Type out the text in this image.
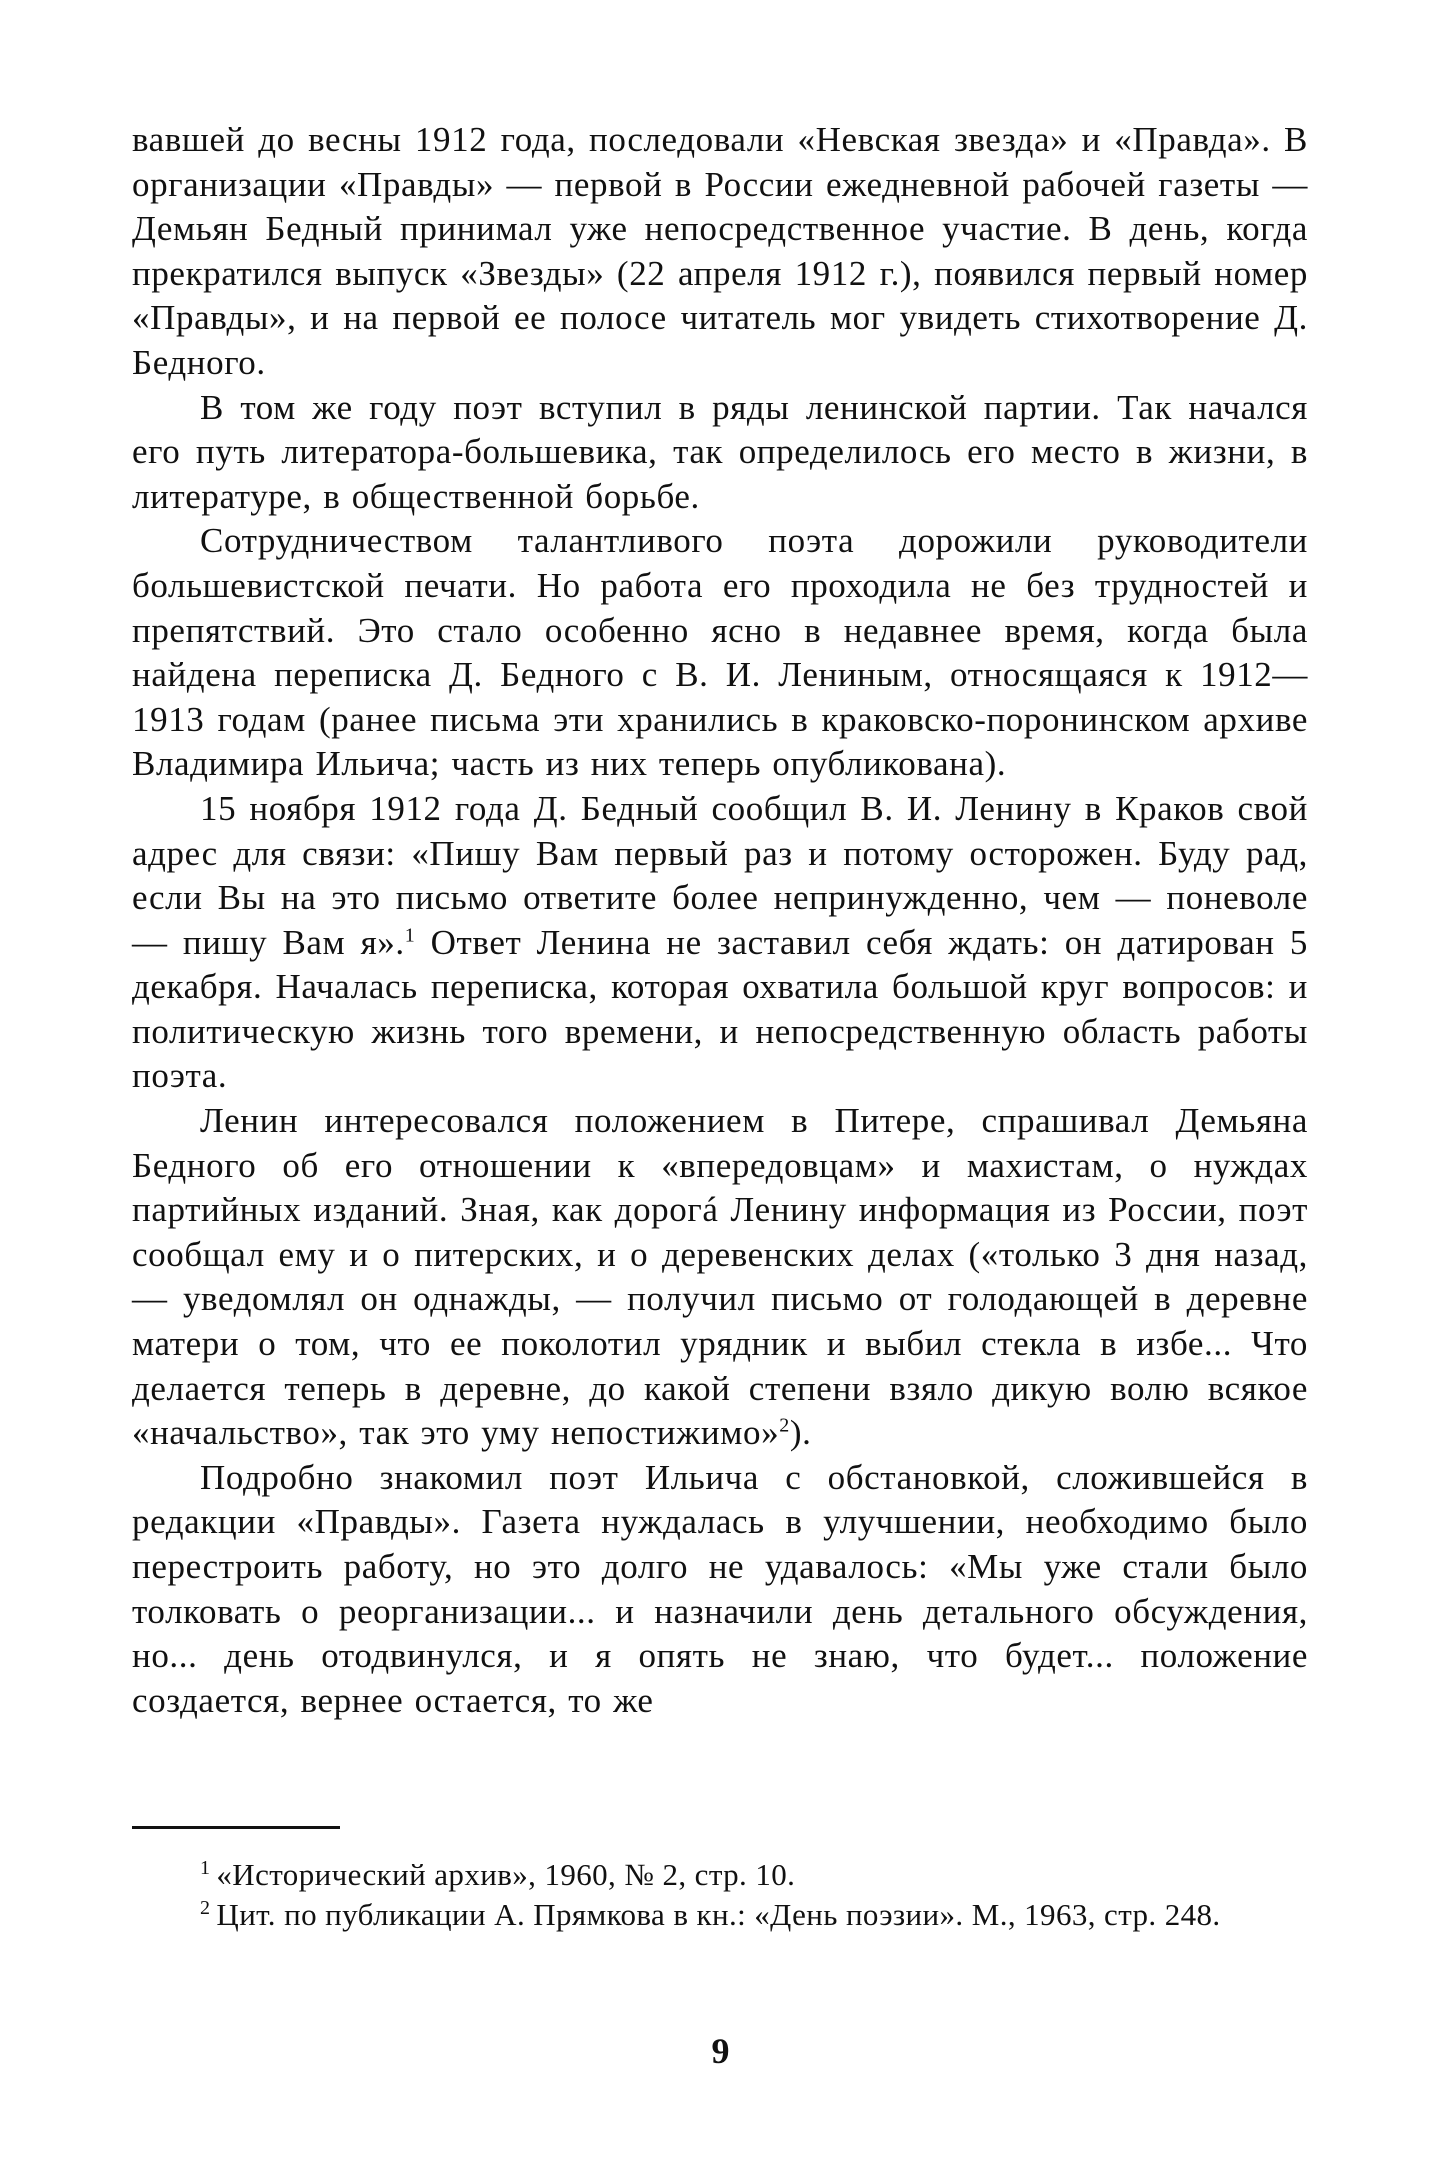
вавшей до весны 1912 года, последовали «Невская звезда» и «Правда». В организации «Правды» — первой в России ежедневной рабочей газеты — Демьян Бедный принимал уже непосредственное участие. В день, когда прекратился выпуск «Звезды» (22 апреля 1912 г.), появился первый номер «Правды», и на первой ее полосе читатель мог увидеть стихотворение Д. Бедного.

В том же году поэт вступил в ряды ленинской партии. Так начался его путь литератора-большевика, так определилось его место в жизни, в литературе, в общественной борьбе.

Сотрудничеством талантливого поэта дорожили руководители большевистской печати. Но работа его проходила не без трудностей и препятствий. Это стало особенно ясно в недавнее время, когда была найдена переписка Д. Бедного с В. И. Лениным, относящаяся к 1912—1913 годам (ранее письма эти хранились в краковско-поронинском архиве Владимира Ильича; часть из них теперь опубликована).

15 ноября 1912 года Д. Бедный сообщил В. И. Ленину в Краков свой адрес для связи: «Пишу Вам первый раз и потому осторожен. Буду рад, если Вы на это письмо ответите более непринужденно, чем — поневоле — пишу Вам я».$^1$ Ответ Ленина не заставил себя ждать: он датирован 5 декабря. Началась переписка, которая охватила большой круг вопросов: и политическую жизнь того времени, и непосредственную область работы поэта.

Ленин интересовался положением в Питере, спрашивал Демьяна Бедного об его отношении к «впередовцам» и махистам, о нуждах партийных изданий. Зная, как дорогá Ленину информация из России, поэт сообщал ему и о питерских, и о деревенских делах («только 3 дня назад, — уведомлял он однажды, — получил письмо от голодающей в деревне матери о том, что ее поколотил урядник и выбил стекла в избе... Что делается теперь в деревне, до какой степени взяло дикую волю всякое «начальство», так это уму непостижимо»$^2$).

Подробно знакомил поэт Ильича с обстановкой, сложившейся в редакции «Правды». Газета нуждалась в улучшении, необходимо было перестроить работу, но это долго не удавалось: «Мы уже стали было толковать о реорганизации... и назначили день детального обсуждения, но... день отодвинулся, и я опять не знаю, что будет... положение создается, вернее остается, то же

$^1$ «Исторический архив», 1960, № 2, стр. 10.

$^2$ Цит. по публикации А. Прямкова в кн.: «День поэзии». М., 1963, стр. 248.

9
